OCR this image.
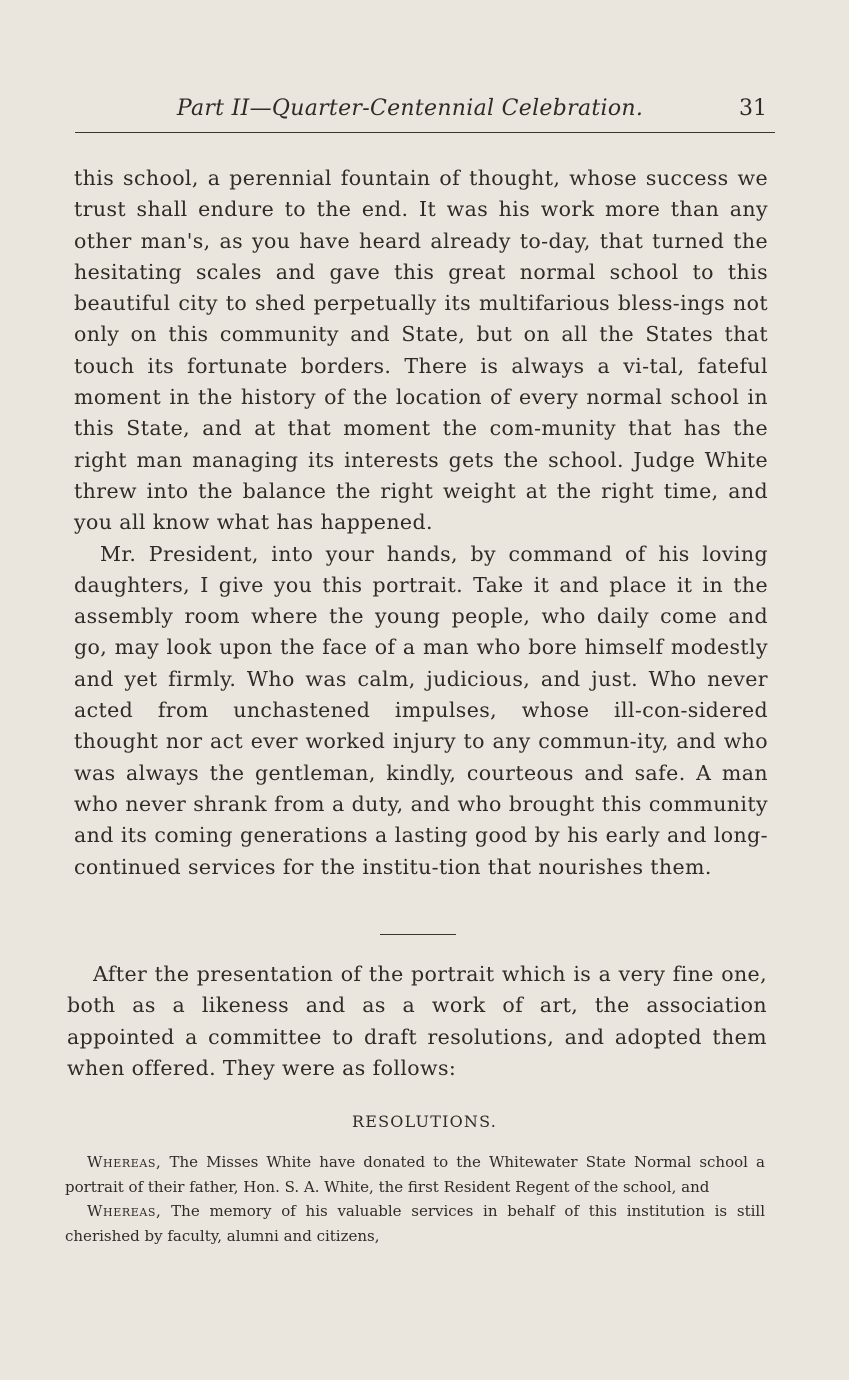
Part II—Quarter-Centennial Celebration.	31

this school, a perennial fountain of thought, whose success we trust shall endure to the end. It was his work more than any other man's, as you have heard already to-day, that turned the hesitating scales and gave this great normal school to this beautiful city to shed perpetually its multifarious bless-ings not only on this community and State, but on all the States that touch its fortunate borders. There is always a vi-tal, fateful moment in the history of the location of every normal school in this State, and at that moment the com-munity that has the right man managing its interests gets the school. Judge White threw into the balance the right weight at the right time, and you all know what has happened.

Mr. President, into your hands, by command of his loving daughters, I give you this portrait. Take it and place it in the assembly room where the young people, who daily come and go, may look upon the face of a man who bore himself modestly and yet firmly. Who was calm, judicious, and just. Who never acted from unchastened impulses, whose ill-con-sidered thought nor act ever worked injury to any commun-ity, and who was always the gentleman, kindly, courteous and safe. A man who never shrank from a duty, and who brought this community and its coming generations a lasting good by his early and long-continued services for the institu-tion that nourishes them.

After the presentation of the portrait which is a very fine one, both as a likeness and as a work of art, the association appointed a committee to draft resolutions, and adopted them when offered. They were as follows:

RESOLUTIONS.

Whereas, The Misses White have donated to the Whitewater State Normal school a portrait of their father, Hon. S. A. White, the first Resident Regent of the school, and

Whereas, The memory of his valuable services in behalf of this institution is still cherished by faculty, alumni and citizens,
